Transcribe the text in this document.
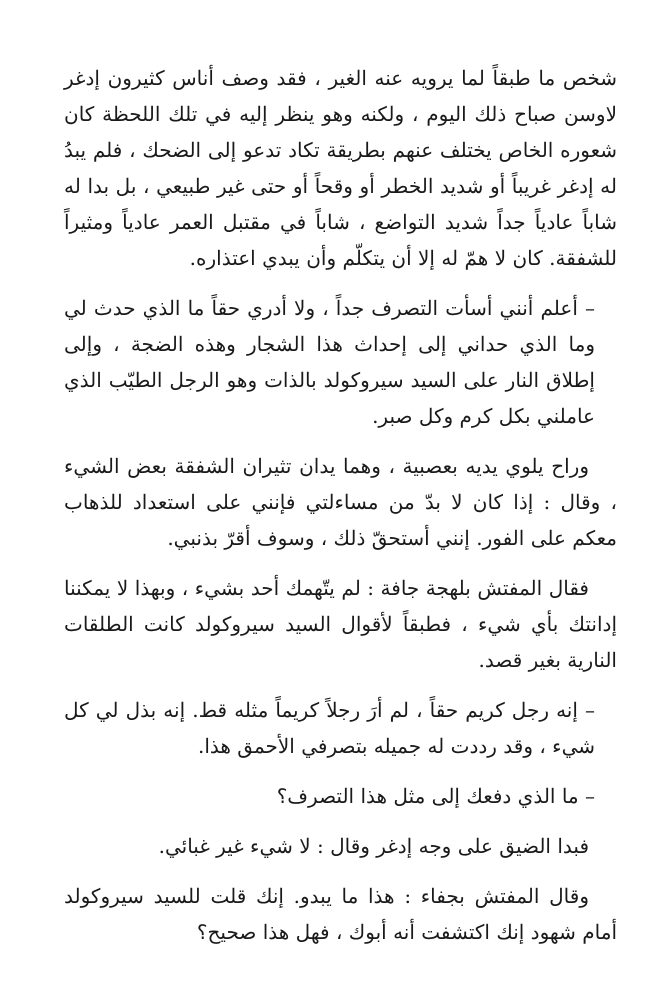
شخص ما طبقاً لما يرويه عنه الغير ، فقد وصف أناس كثيرون إدغر لاوسن صباح ذلك اليوم ، ولكنه وهو ينظر إليه في تلك اللحظة كان شعوره الخاص يختلف عنهم بطريقة تكاد تدعو إلى الضحك ، فلم يبدُ له إدغر غريباً أو شديد الخطر أو وقحاً أو حتى غير طبيعي ، بل بدا له شاباً عادياً جداً شديد التواضع ، شاباً في مقتبل العمر عادياً ومثيراً للشفقة. كان لا همّ له إلا أن يتكلّم وأن يبدي اعتذاره.

– أعلم أنني أسأت التصرف جداً ، ولا أدري حقاً ما الذي حدث لي وما الذي حداني إلى إحداث هذا الشجار وهذه الضجة ، وإلى إطلاق النار على السيد سيروكولد بالذات وهو الرجل الطيّب الذي عاملني بكل كرم وكل صبر.

وراح يلوي يديه بعصبية ، وهما يدان تثيران الشفقة بعض الشيء ، وقال : إذا كان لا بدّ من مساءلتي فإنني على استعداد للذهاب معكم على الفور. إنني أستحقّ ذلك ، وسوف أقرّ بذنبي.

فقال المفتش بلهجة جافة : لم يتّهمك أحد بشيء ، وبهذا لا يمكننا إدانتك بأي شيء ، فطبقاً لأقوال السيد سيروكولد كانت الطلقات النارية بغير قصد.

– إنه رجل كريم حقاً ، لم أرَ رجلاً كريماً مثله قط. إنه بذل لي كل شيء ، وقد رددت له جميله بتصرفي الأحمق هذا.

– ما الذي دفعك إلى مثل هذا التصرف؟

فبدا الضيق على وجه إدغر وقال : لا شيء غير غبائي.

وقال المفتش بجفاء : هذا ما يبدو. إنك قلت للسيد سيروكولد أمام شهود إنك اكتشفت أنه أبوك ، فهل هذا صحيح؟
